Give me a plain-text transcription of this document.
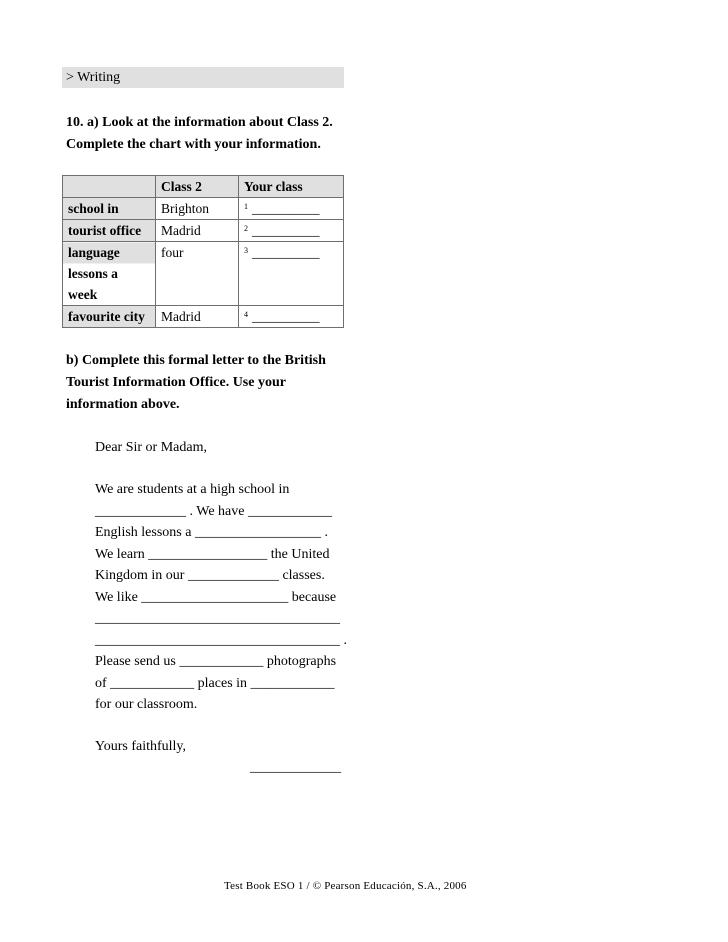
> Writing
10. a) Look at the information about Class 2.
Complete the chart with your information.
	Class 2	Your class
school in	Brighton	$^1$ __________
tourist office	Madrid	$^2$ __________

language
lessons a
week	four	$^3$ __________
favourite city	Madrid	$^4$ __________
b) Complete this formal letter to the British
Tourist Information Office. Use your
information above.
Dear Sir or Madam,
We are students at a high school in
_____________ . We have ____________
English lessons a __________________ .
We learn _________________ the United
Kingdom in our _____________ classes.
We like _____________________ because
___________________________________
___________________________________ .
Please send us ____________ photographs
of ____________ places in ____________
for our classroom.
Yours faithfully,
_____________
Test Book ESO 1 / © Pearson Educación, S.A., 2006
